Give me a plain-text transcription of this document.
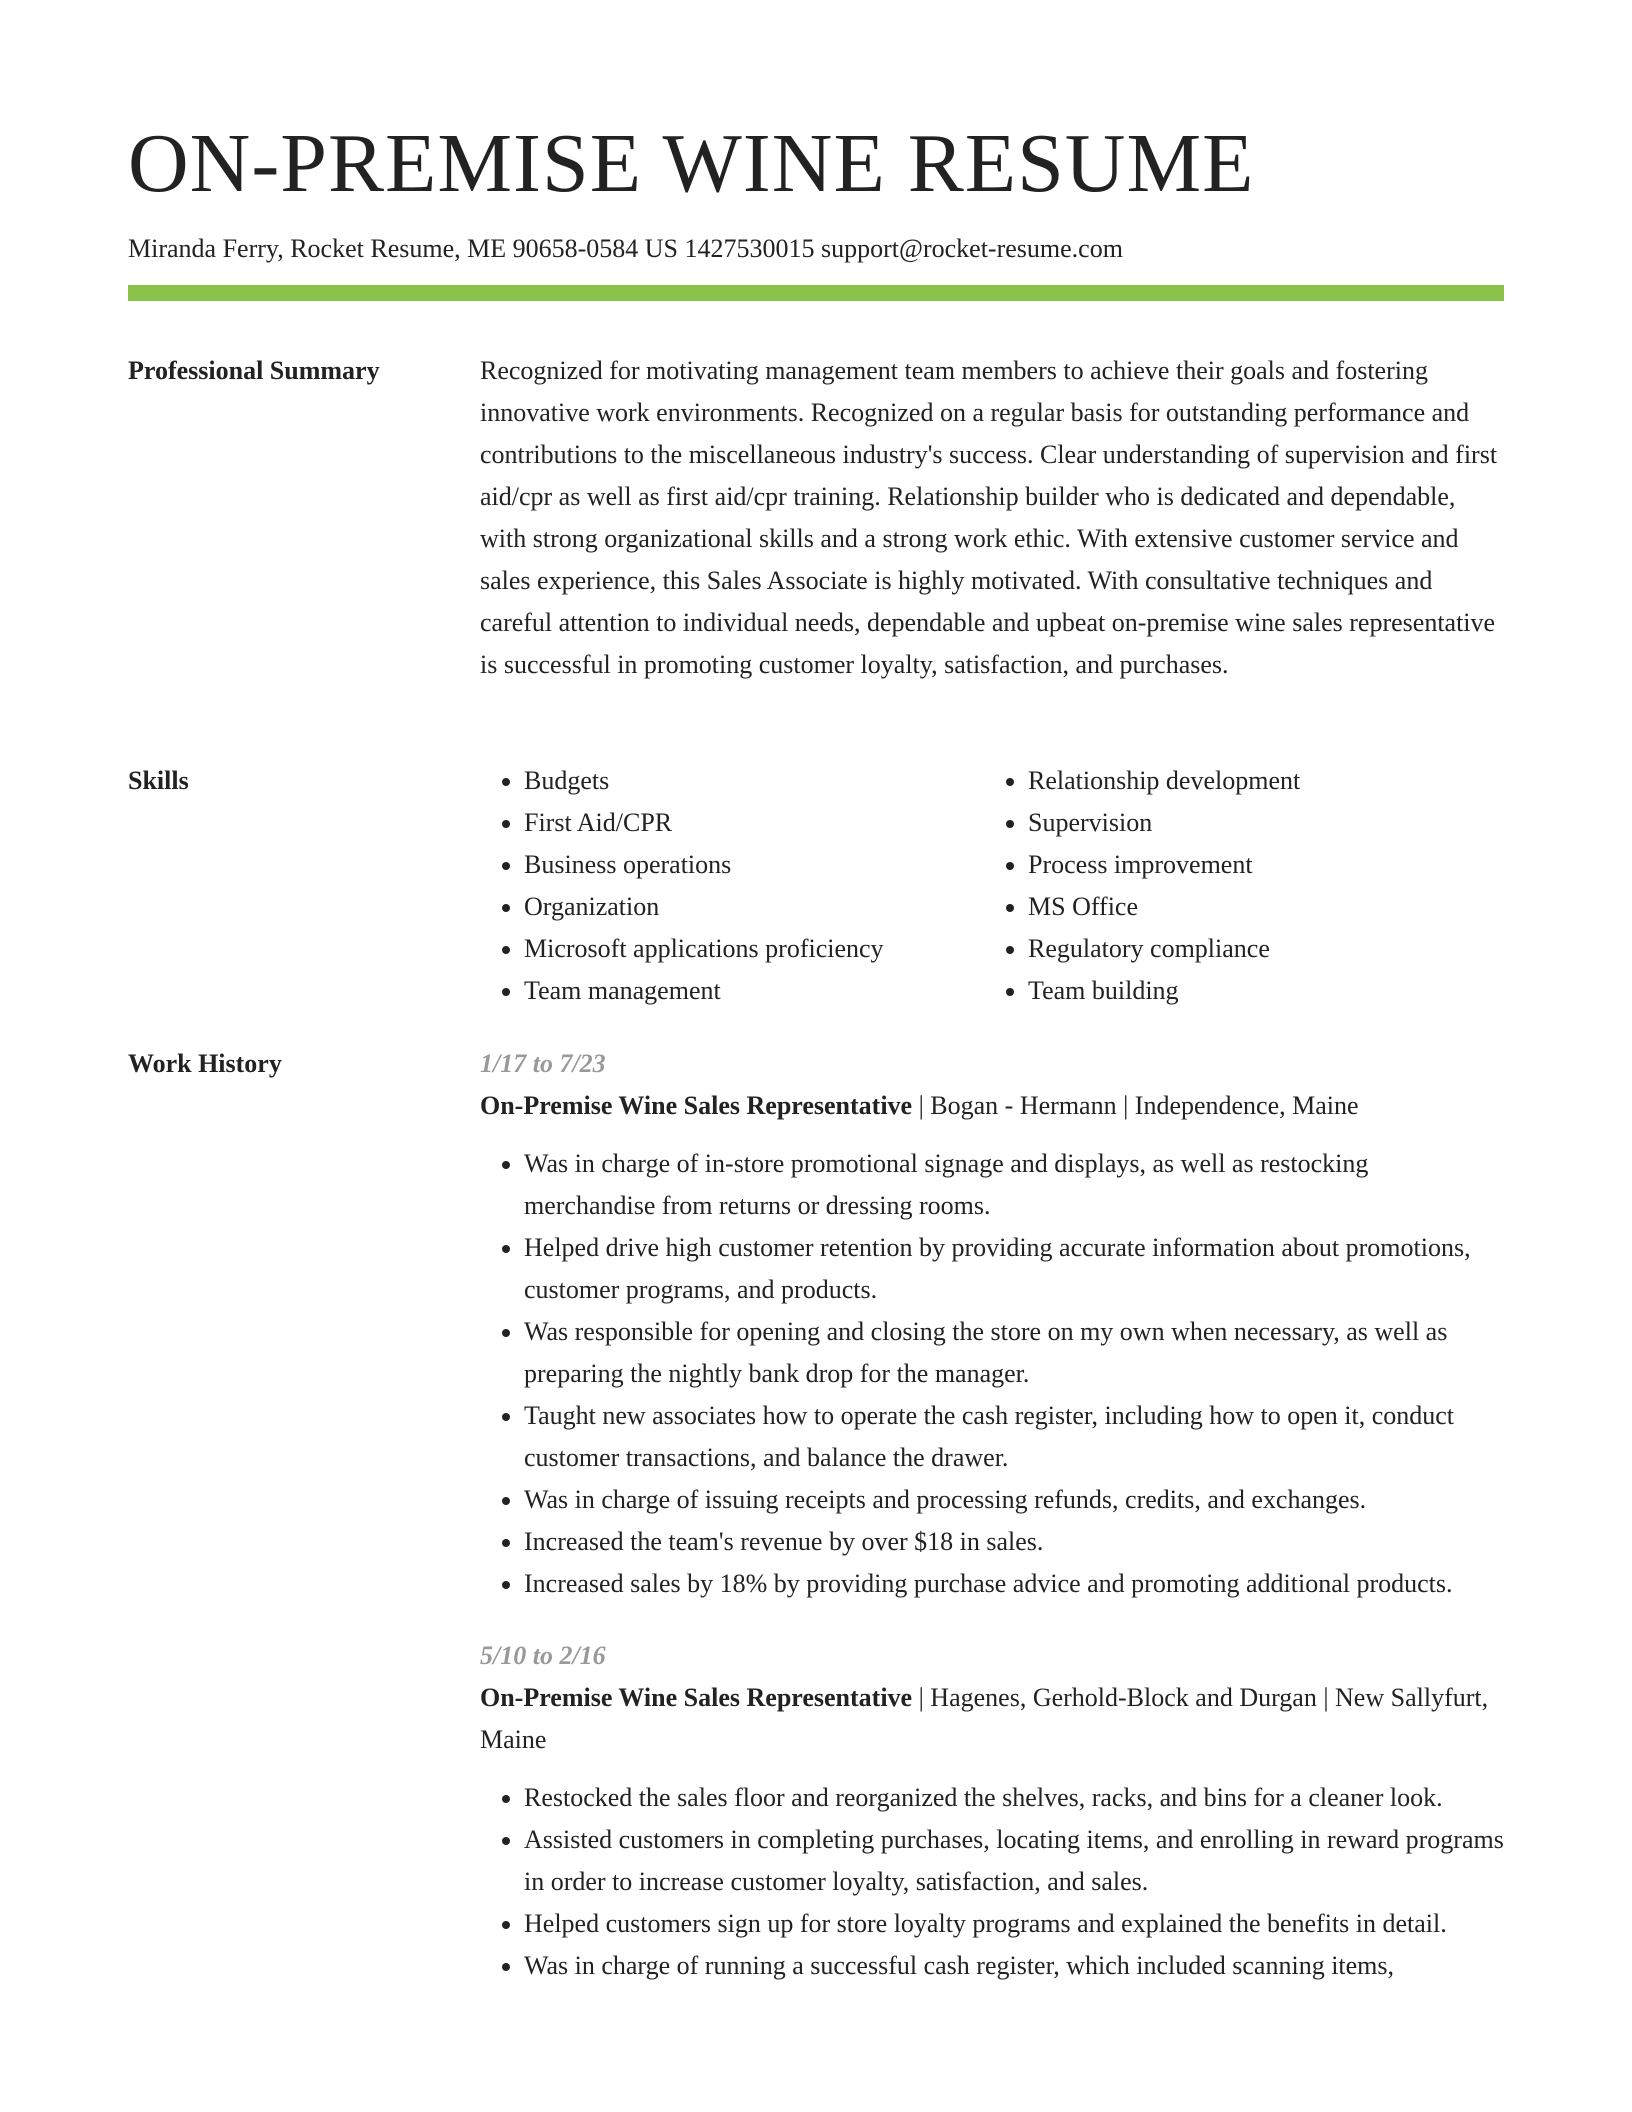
ON-PREMISE WINE RESUME
Miranda Ferry, Rocket Resume, ME 90658-0584 US 1427530015 support@rocket-resume.com
Professional Summary	Recognized for motivating management team members to achieve their goals and fostering innovative work environments. Recognized on a regular basis for outstanding performance and contributions to the miscellaneous industry's success. Clear understanding of supervision and first aid/cpr as well as first aid/cpr training. Relationship builder who is dedicated and dependable, with strong organizational skills and a strong work ethic. With extensive customer service and sales experience, this Sales Associate is highly motivated. With consultative techniques and careful attention to individual needs, dependable and upbeat on-premise wine sales representative is successful in promoting customer loyalty, satisfaction, and purchases.

Skills
•	Budgets
• First Aid/CPR
• Business operations
• Organization
• Microsoft applications proficiency
• Team management
• Relationship development
• Supervision
• Process improvement
• MS Office
• Regulatory compliance
• Team building
Work History	1/17 to 7/23
On-Premise Wine Sales Representative | Bogan - Hermann | Independence, Maine
• Was in charge of in-store promotional signage and displays, as well as restocking merchandise from returns or dressing rooms.
• Helped drive high customer retention by providing accurate information about promotions, customer programs, and products.
• Was responsible for opening and closing the store on my own when necessary, as well as preparing the nightly bank drop for the manager.
• Taught new associates how to operate the cash register, including how to open it, conduct customer transactions, and balance the drawer.
• Was in charge of issuing receipts and processing refunds, credits, and exchanges.
• Increased the team's revenue by over $18 in sales.
• Increased sales by 18% by providing purchase advice and promoting additional products.
5/10 to 2/16
On-Premise Wine Sales Representative | Hagenes, Gerhold-Block and Durgan | New Sallyfurt, Maine
• Restocked the sales floor and reorganized the shelves, racks, and bins for a cleaner look.
• Assisted customers in completing purchases, locating items, and enrolling in reward programs in order to increase customer loyalty, satisfaction, and sales.
• Helped customers sign up for store loyalty programs and explained the benefits in detail.
• Was in charge of running a successful cash register, which included scanning items,
